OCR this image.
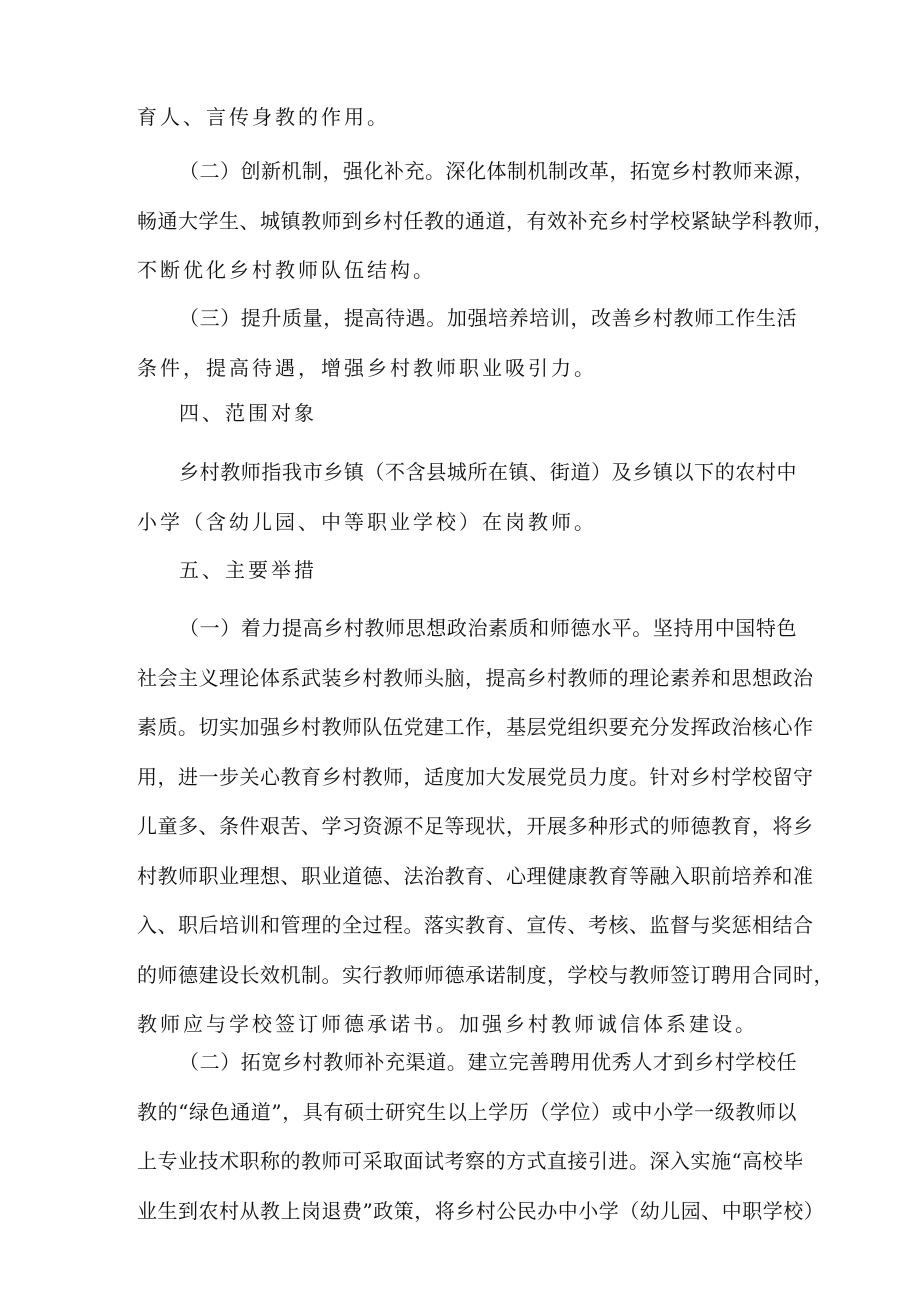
育人、言传身教的作用。
（二）创新机制，强化补充。深化体制机制改革，拓宽乡村教师来源，
畅通大学生、城镇教师到乡村任教的通道，有效补充乡村学校紧缺学科教师，
不断优化乡村教师队伍结构。
（三）提升质量，提高待遇。加强培养培训，改善乡村教师工作生活
条件，提高待遇，增强乡村教师职业吸引力。
四、范围对象
乡村教师指我市乡镇（不含县城所在镇、街道）及乡镇以下的农村中
小学（含幼儿园、中等职业学校）在岗教师。
五、主要举措
（一）着力提高乡村教师思想政治素质和师德水平。坚持用中国特色
社会主义理论体系武装乡村教师头脑，提高乡村教师的理论素养和思想政治
素质。切实加强乡村教师队伍党建工作，基层党组织要充分发挥政治核心作
用，进一步关心教育乡村教师，适度加大发展党员力度。针对乡村学校留守
儿童多、条件艰苦、学习资源不足等现状，开展多种形式的师德教育，将乡
村教师职业理想、职业道德、法治教育、心理健康教育等融入职前培养和准
入、职后培训和管理的全过程。落实教育、宣传、考核、监督与奖惩相结合
的师德建设长效机制。实行教师师德承诺制度，学校与教师签订聘用合同时，
教师应与学校签订师德承诺书。加强乡村教师诚信体系建设。
（二）拓宽乡村教师补充渠道。建立完善聘用优秀人才到乡村学校任
教的“绿色通道”，具有硕士研究生以上学历（学位）或中小学一级教师以
上专业技术职称的教师可采取面试考察的方式直接引进。深入实施“高校毕
业生到农村从教上岗退费”政策，将乡村公民办中小学（幼儿园、中职学校）
